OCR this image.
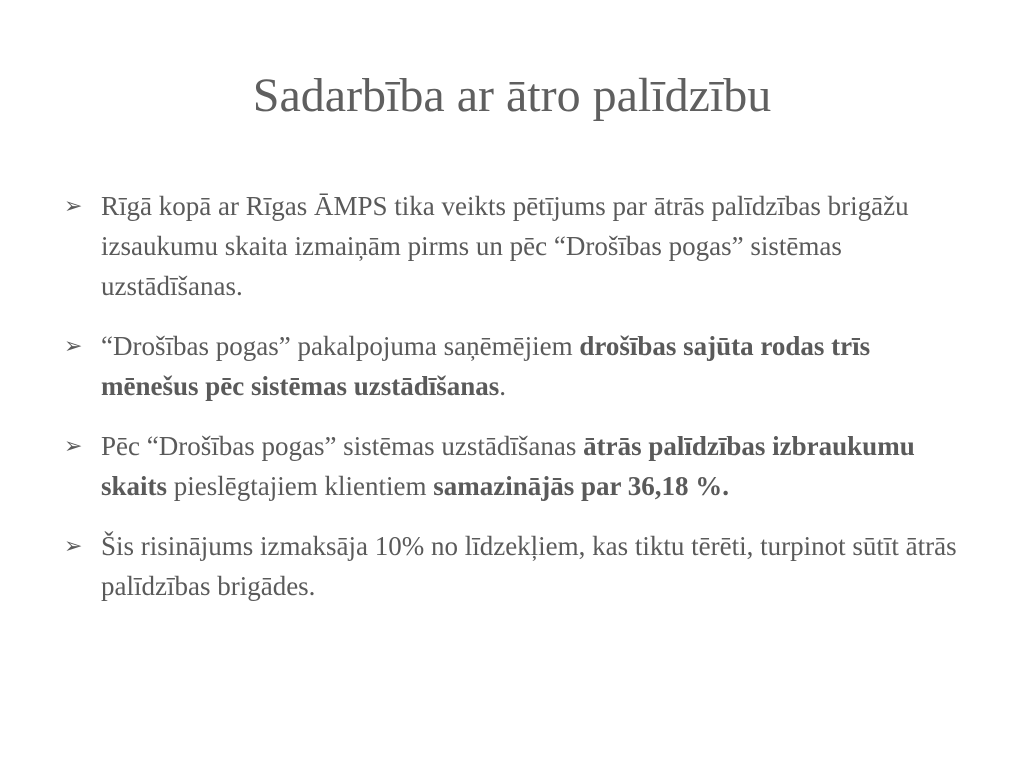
Sadarbība ar ātro palīdzību
➢ Rīgā kopā ar Rīgas ĀMPS tika veikts pētījums par ātrās palīdzības brigāžu izsaukumu skaita izmaiņām pirms un pēc “Drošības pogas” sistēmas uzstādīšanas.
➢ “Drošības pogas” pakalpojuma saņēmējiem drošības sajūta rodas trīs mēnešus pēc sistēmas uzstādīšanas.
➢ Pēc “Drošības pogas” sistēmas uzstādīšanas ātrās palīdzības izbraukumu skaits pieslēgtajiem klientiem samazinājās par 36,18 %.
➢ Šis risinājums izmaksāja 10% no līdzekļiem, kas tiktu tērēti, turpinot sūtīt ātrās palīdzības brigādes.
